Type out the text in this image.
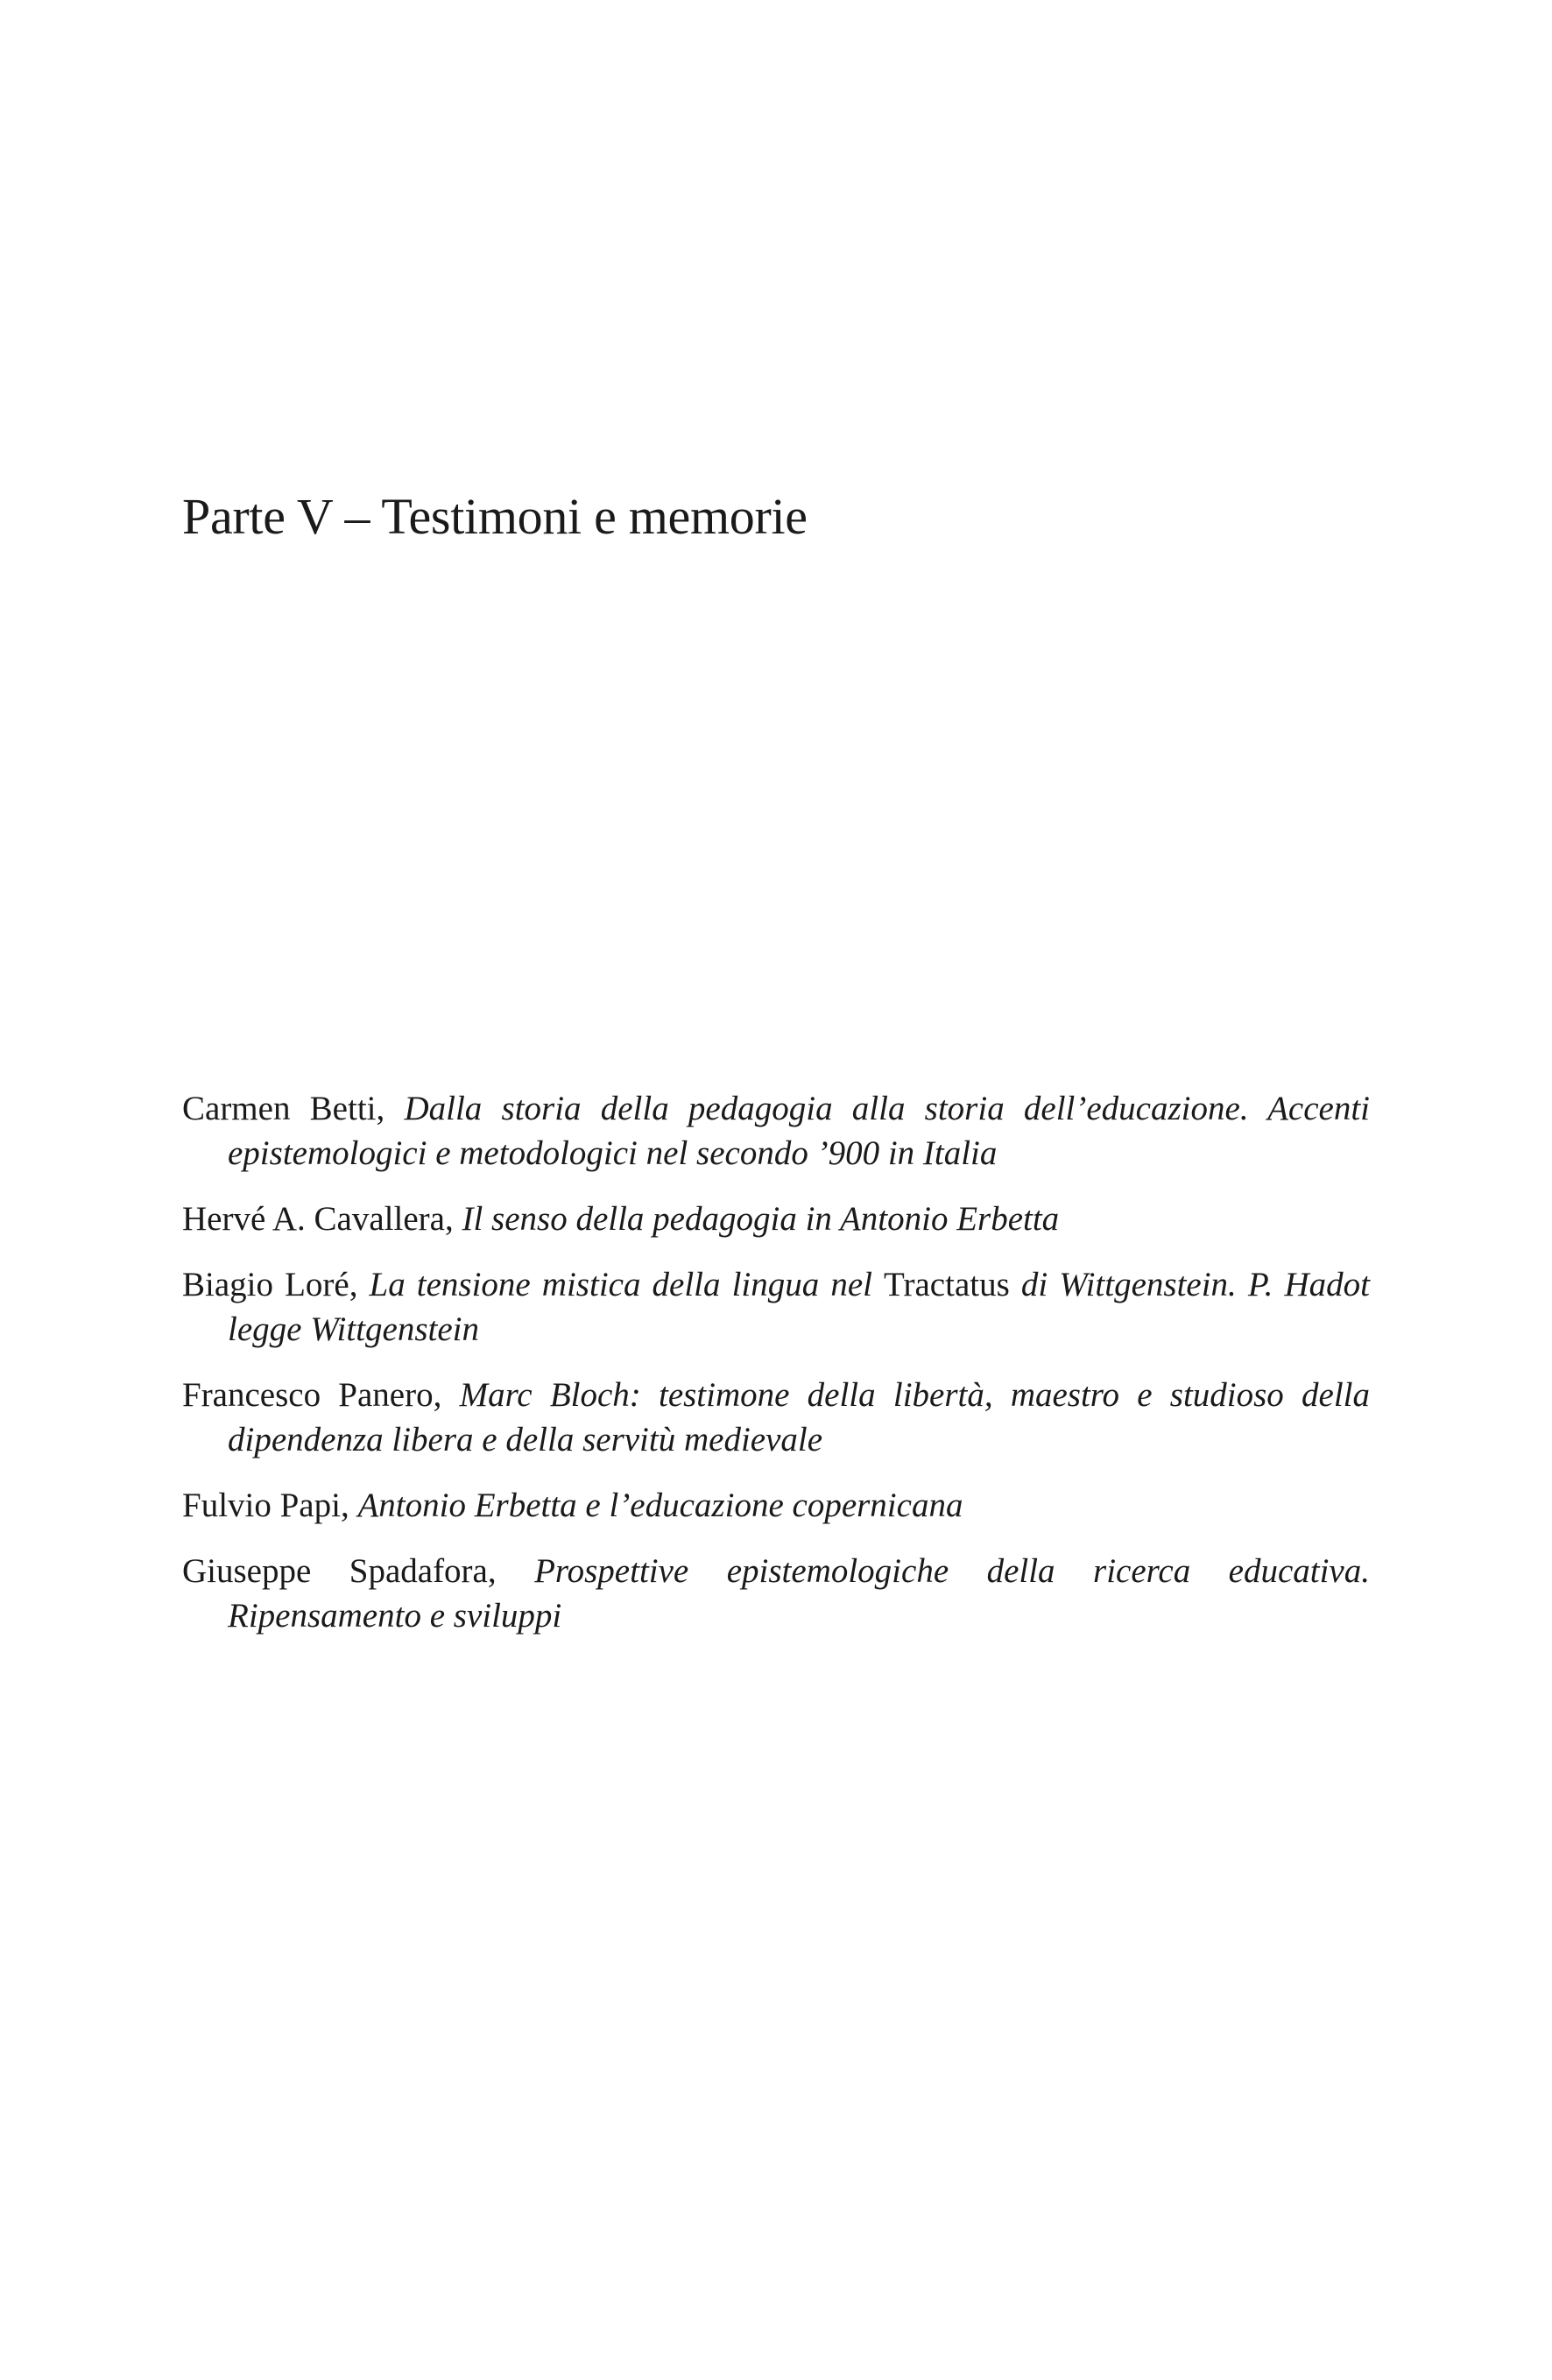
Parte V – Testimoni e memorie
Carmen Betti, Dalla storia della pedagogia alla storia dell’educazione. Accenti epistemologici e metodologici nel secondo ’900 in Italia
Hervé A. Cavallera, Il senso della pedagogia in Antonio Erbetta
Biagio Loré, La tensione mistica della lingua nel Tractatus di Wittgenstein. P. Hadot legge Wittgenstein
Francesco Panero, Marc Bloch: testimone della libertà, maestro e studioso della dipendenza libera e della servitù medievale
Fulvio Papi, Antonio Erbetta e l’educazione copernicana
Giuseppe Spadafora, Prospettive epistemologiche della ricerca educativa. Ripensamento e sviluppi
